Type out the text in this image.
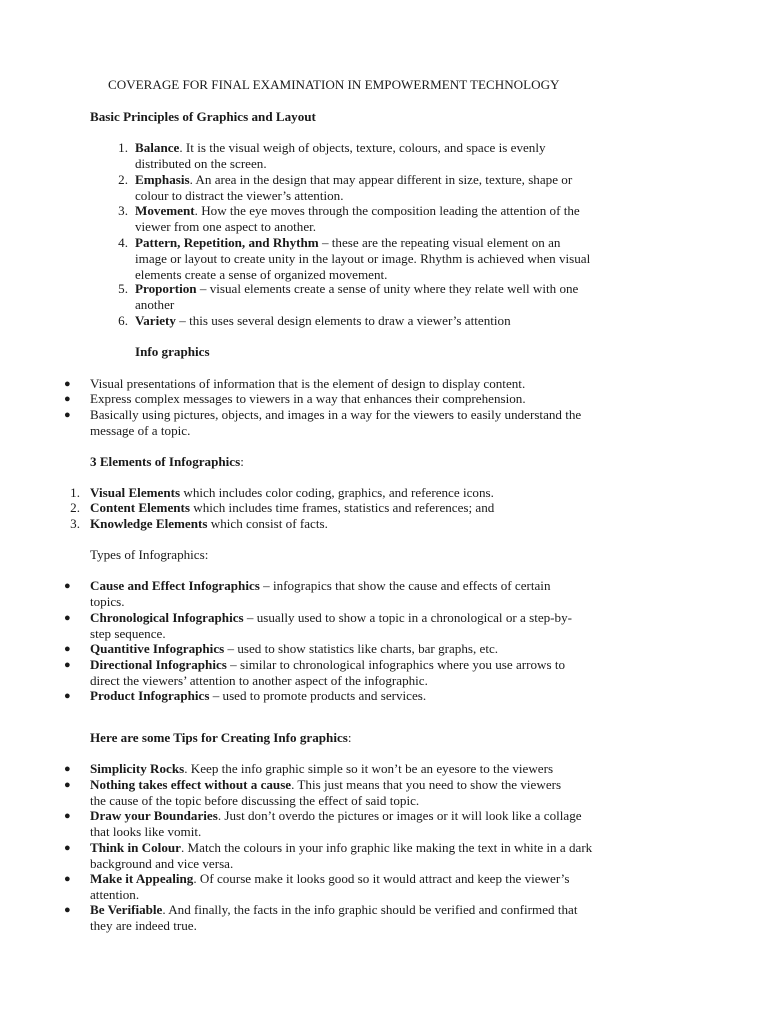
COVERAGE FOR FINAL EXAMINATION IN EMPOWERMENT TECHNOLOGY
Basic Principles of Graphics and Layout
1. Balance. It is the visual weigh of objects, texture, colours, and space is evenly
distributed on the screen.
2. Emphasis. An area in the design that may appear different in size, texture, shape or
colour to distract the viewer’s attention.
3. Movement. How the eye moves through the composition leading the attention of the
viewer from one aspect to another.
4. Pattern, Repetition, and Rhythm – these are the repeating visual element on an
image or layout to create unity in the layout or image. Rhythm is achieved when visual
elements create a sense of organized movement.
5. Proportion – visual elements create a sense of unity where they relate well with one
another
6. Variety – this uses several design elements to draw a viewer’s attention
Info graphics
● Visual presentations of information that is the element of design to display content.
● Express complex messages to viewers in a way that enhances their comprehension.
● Basically using pictures, objects, and images in a way for the viewers to easily understand the
message of a topic.
3 Elements of Infographics:
1. Visual Elements which includes color coding, graphics, and reference icons.
2. Content Elements which includes time frames, statistics and references; and
3. Knowledge Elements which consist of facts.
Types of Infographics:
● Cause and Effect Infographics – infograpics that show the cause and effects of certain
topics.
● Chronological Infographics – usually used to show a topic in a chronological or a step-by-
step sequence.
● Quantitive Infographics – used to show statistics like charts, bar graphs, etc.
● Directional Infographics – similar to chronological infographics where you use arrows to
direct the viewers’ attention to another aspect of the infographic.
● Product Infographics – used to promote products and services.
Here are some Tips for Creating Info graphics:
● Simplicity Rocks. Keep the info graphic simple so it won’t be an eyesore to the viewers
● Nothing takes effect without a cause. This just means that you need to show the viewers
the cause of the topic before discussing the effect of said topic.
● Draw your Boundaries. Just don’t overdo the pictures or images or it will look like a collage
that looks like vomit.
● Think in Colour. Match the colours in your info graphic like making the text in white in a dark
background and vice versa.
● Make it Appealing. Of course make it looks good so it would attract and keep the viewer’s
attention.
● Be Verifiable. And finally, the facts in the info graphic should be verified and confirmed that
they are indeed true.
